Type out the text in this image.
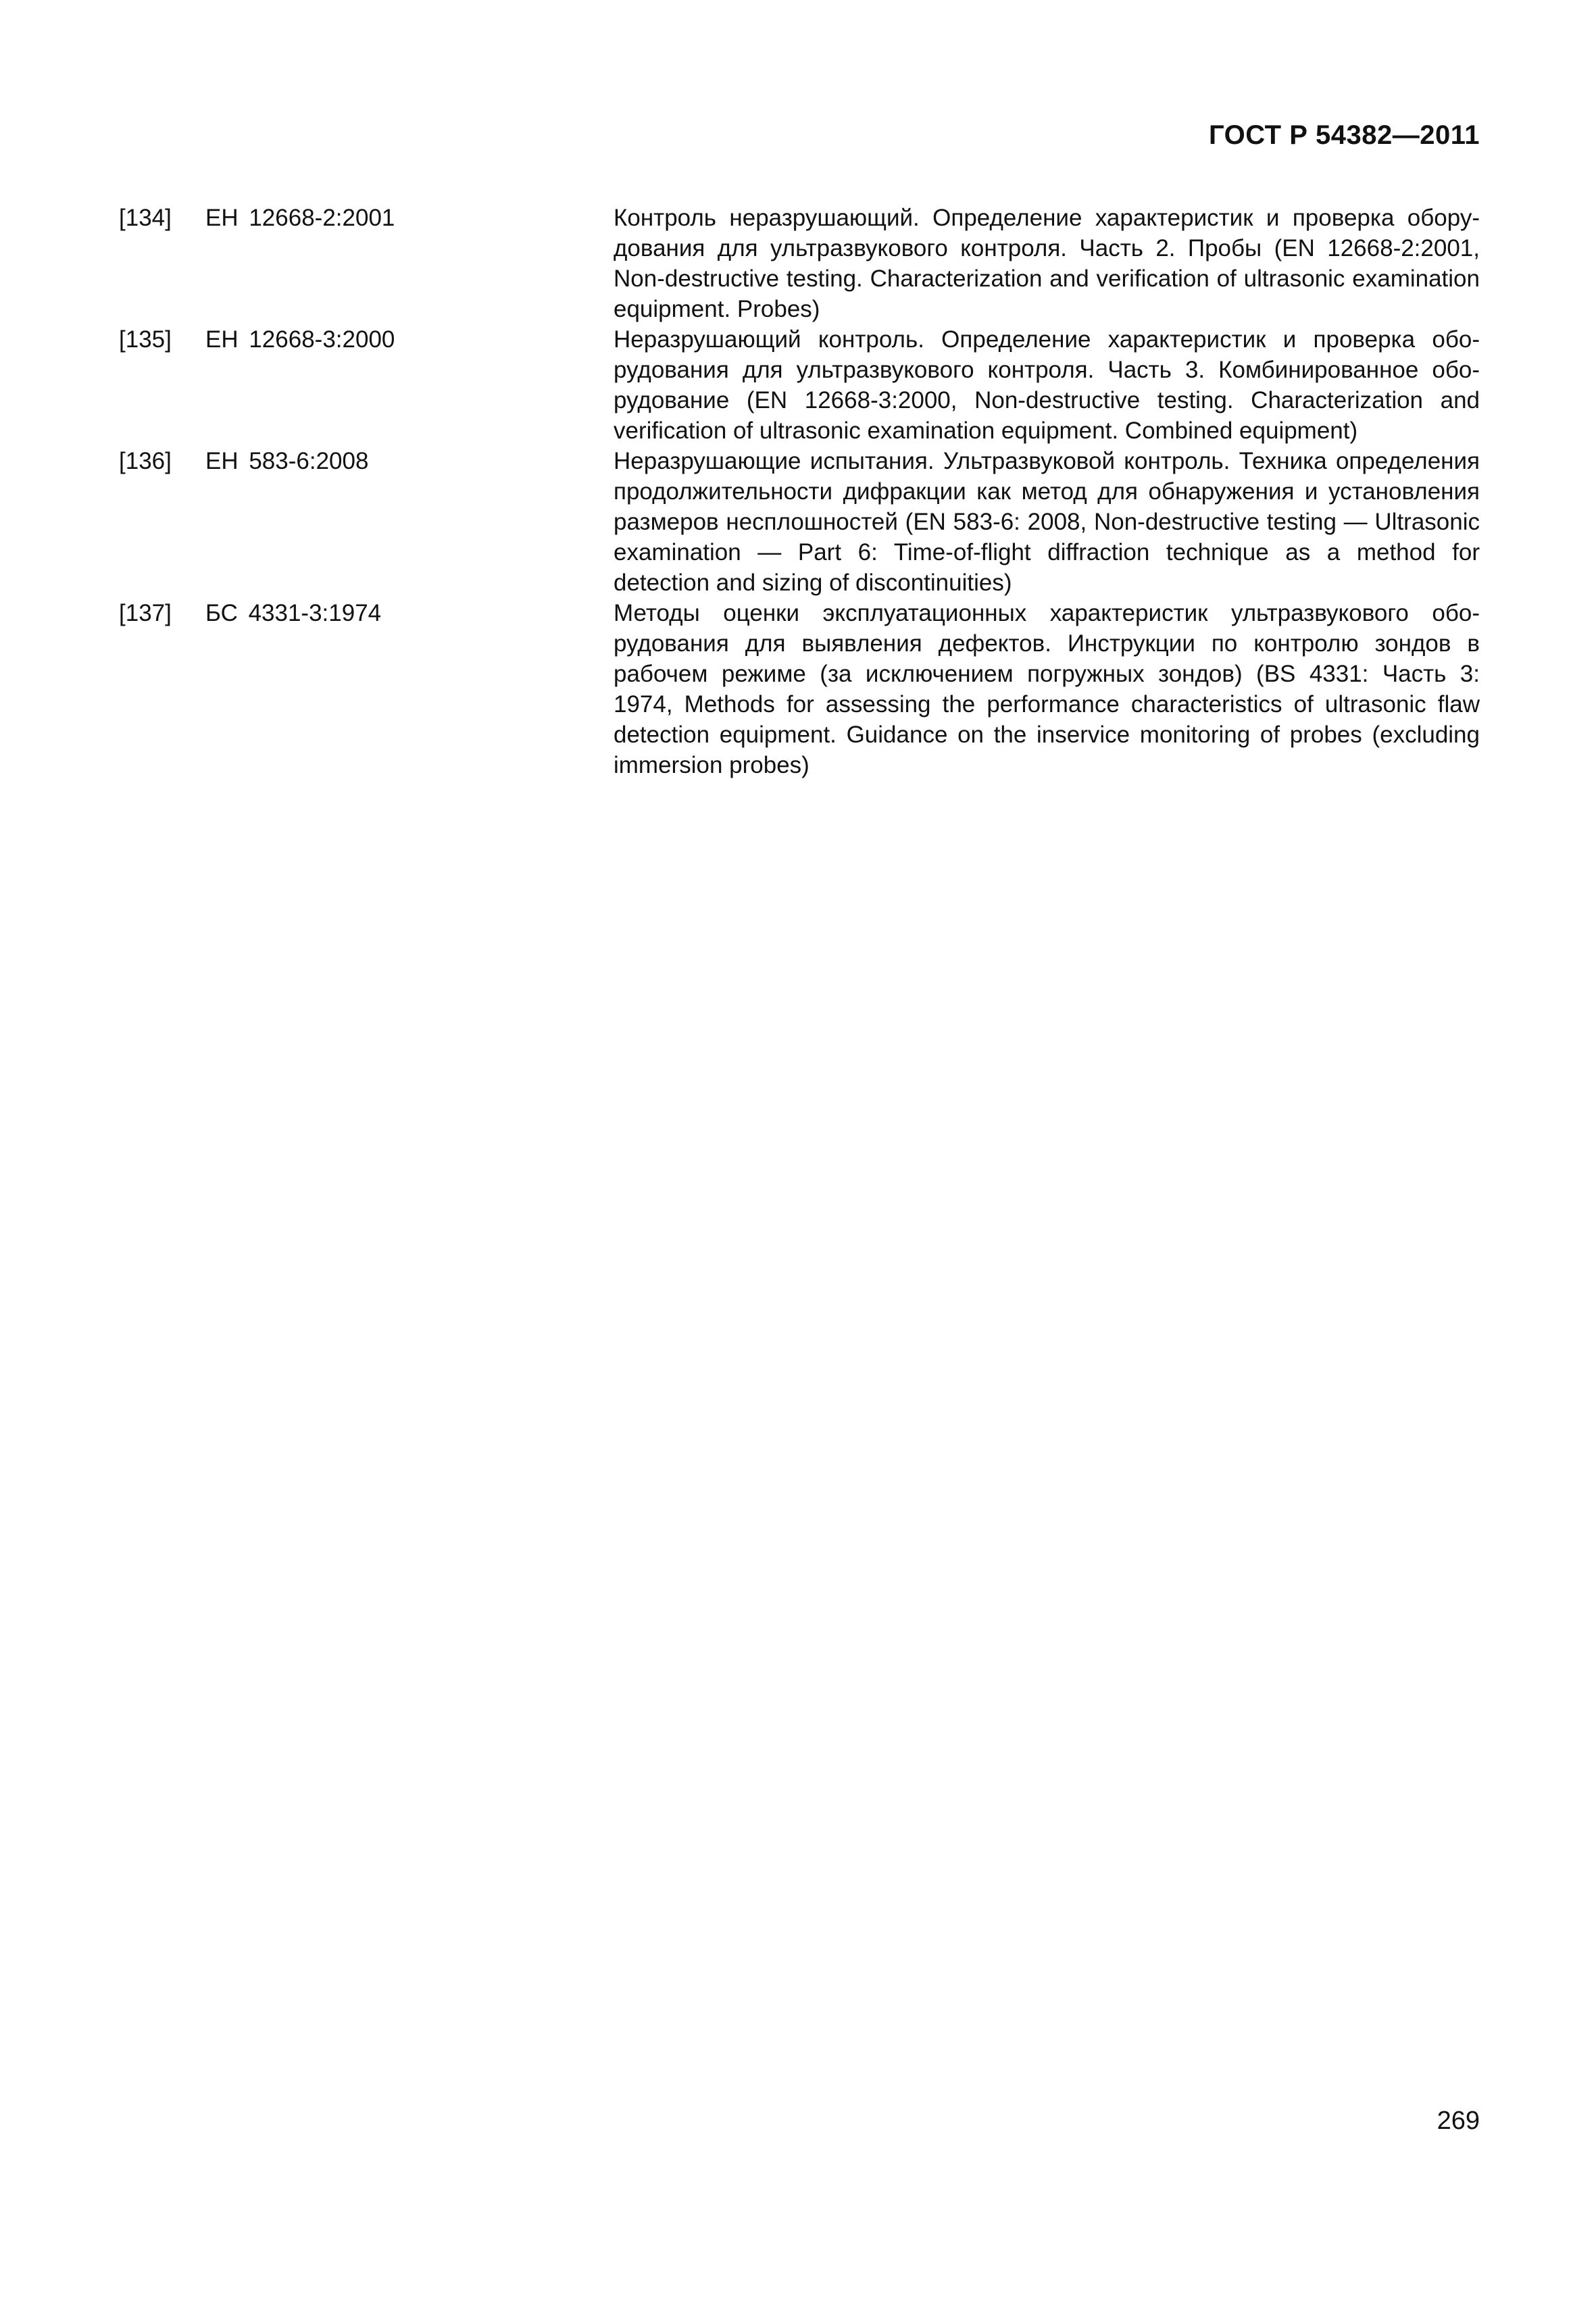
ГОСТ Р 54382—2011
[134]	ЕН 12668-2:2001	Контроль неразрушающий. Определение характеристик и проверка оборудования для ультразвукового контроля. Часть 2. Пробы (EN 12668-2:2001, Non-destructive testing. Characterization and verification of ultrasonic examination equipment. Probes)
[135]	ЕН 12668-3:2000	Неразрушающий контроль. Определение характеристик и проверка оборудования для ультразвукового контроля. Часть 3. Комбинированное оборудование (EN 12668-3:2000, Non-destructive testing. Characterization and verification of ultrasonic examination equipment. Combined equipment)
[136]	ЕН 583-6:2008	Неразрушающие испытания. Ультразвуковой контроль. Техника определения продолжительности дифракции как метод для обнаружения и установления размеров несплошностей (EN 583-6: 2008, Non-destructive testing — Ultrasonic examination — Part 6: Time-of-flight diffraction technique as a method for detection and sizing of discontinuities)
[137]	БС 4331-3:1974	Методы оценки эксплуатационных характеристик ультразвукового оборудования для выявления дефектов. Инструкции по контролю зондов в рабочем режиме (за исключением погружных зондов) (BS 4331: Часть 3: 1974, Methods for assessing the performance characteristics of ultrasonic flaw detection equipment. Guidance on the inservice monitoring of probes (excluding immersion probes)
269
